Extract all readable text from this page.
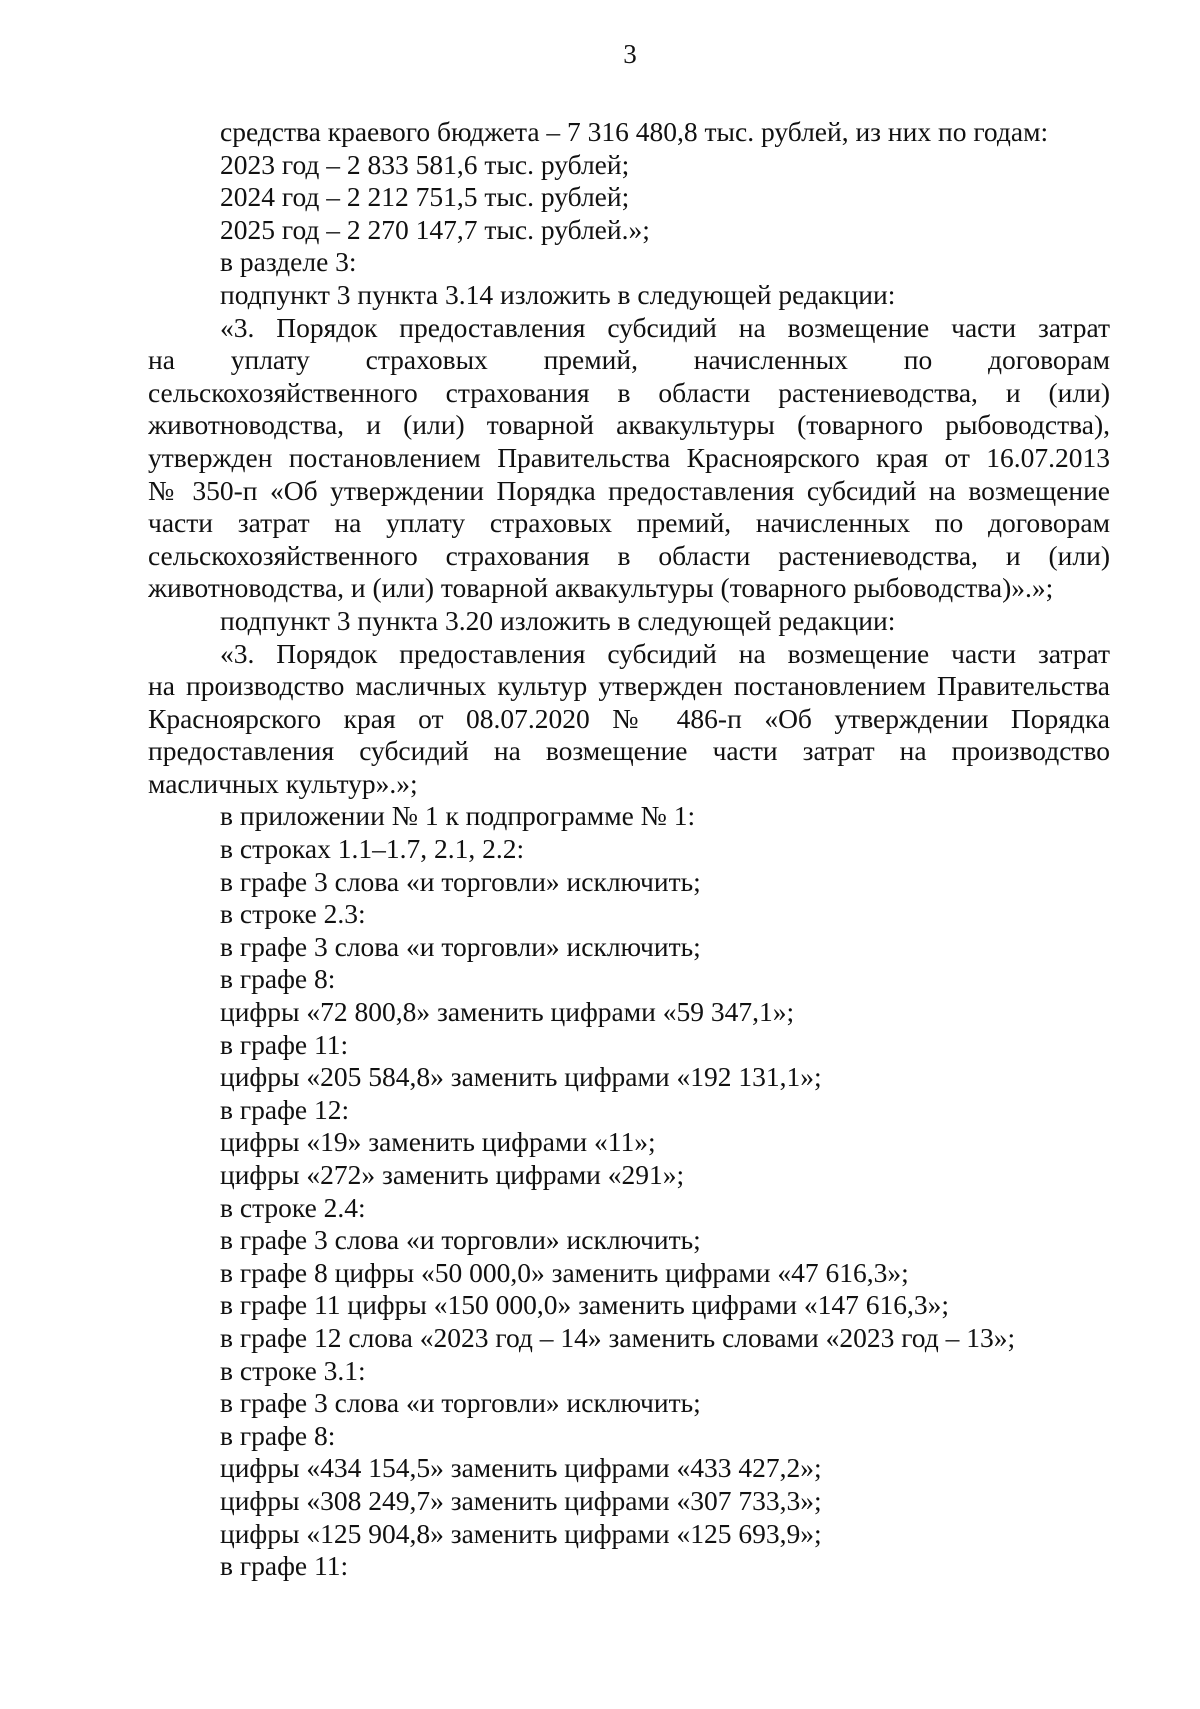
3
средства краевого бюджета – 7 316 480,8 тыс. рублей, из них по годам:
2023 год – 2 833 581,6 тыс. рублей;
2024 год – 2 212 751,5 тыс. рублей;
2025 год – 2 270 147,7 тыс. рублей.»;
в разделе 3:
подпункт 3 пункта 3.14 изложить в следующей редакции:
«3. Порядок предоставления субсидий на возмещение части затрат
на уплату страховых премий, начисленных по договорам
сельскохозяйственного страхования в области растениеводства, и (или)
животноводства, и (или) товарной аквакультуры (товарного рыбоводства),
утвержден постановлением Правительства Красноярского края от 16.07.2013
№ 350-п «Об утверждении Порядка предоставления субсидий на возмещение
части затрат на уплату страховых премий, начисленных по договорам
сельскохозяйственного страхования в области растениеводства, и (или)
животноводства, и (или) товарной аквакультуры (товарного рыбоводства)».»;
подпункт 3 пункта 3.20 изложить в следующей редакции:
«3. Порядок предоставления субсидий на возмещение части затрат
на производство масличных культур утвержден постановлением Правительства
Красноярского края от 08.07.2020 № 486-п «Об утверждении Порядка
предоставления субсидий на возмещение части затрат на производство
масличных культур».»;
в приложении № 1 к подпрограмме № 1:
в строках 1.1–1.7, 2.1, 2.2:
в графе 3 слова «и торговли» исключить;
в строке 2.3:
в графе 3 слова «и торговли» исключить;
в графе 8:
цифры «72 800,8» заменить цифрами «59 347,1»;
в графе 11:
цифры «205 584,8» заменить цифрами «192 131,1»;
в графе 12:
цифры «19» заменить цифрами «11»;
цифры «272» заменить цифрами «291»;
в строке 2.4:
в графе 3 слова «и торговли» исключить;
в графе 8 цифры «50 000,0» заменить цифрами «47 616,3»;
в графе 11 цифры «150 000,0» заменить цифрами «147 616,3»;
в графе 12 слова «2023 год – 14» заменить словами «2023 год – 13»;
в строке 3.1:
в графе 3 слова «и торговли» исключить;
в графе 8:
цифры «434 154,5» заменить цифрами «433 427,2»;
цифры «308 249,7» заменить цифрами «307 733,3»;
цифры «125 904,8» заменить цифрами «125 693,9»;
в графе 11:
